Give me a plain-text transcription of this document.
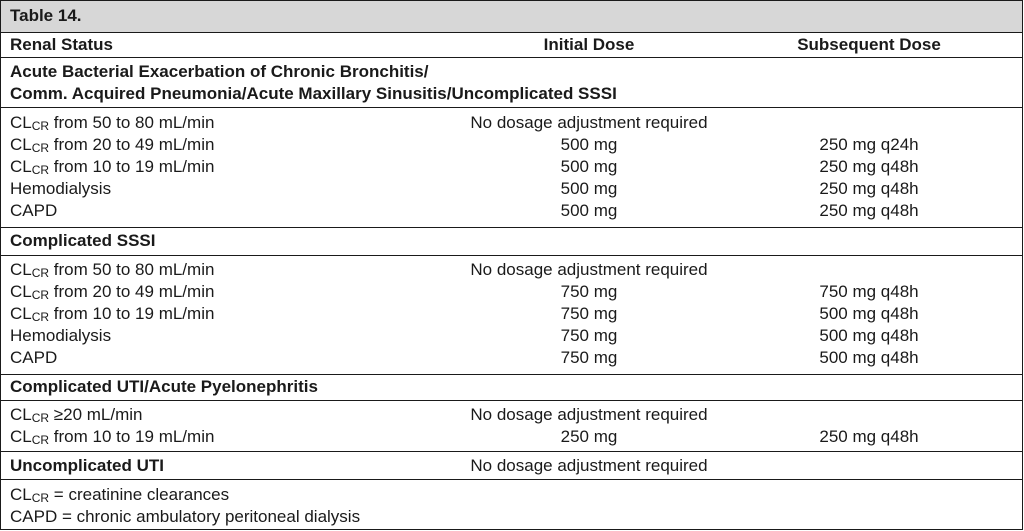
Table 14.
Renal Status	Initial Dose	Subsequent Dose
Acute Bacterial Exacerbation of Chronic Bronchitis/
Comm. Acquired Pneumonia/Acute Maxillary Sinusitis/Uncomplicated SSSI
CLCR from 50 to 80 mL/min	No dosage adjustment required
CLCR from 20 to 49 mL/min	500 mg	250 mg q24h
CLCR from 10 to 19 mL/min	500 mg	250 mg q48h
Hemodialysis	500 mg	250 mg q48h
CAPD	500 mg	250 mg q48h
Complicated SSSI
CLCR from 50 to 80 mL/min	No dosage adjustment required
CLCR from 20 to 49 mL/min	750 mg	750 mg q48h
CLCR from 10 to 19 mL/min	750 mg	500 mg q48h
Hemodialysis	750 mg	500 mg q48h
CAPD	750 mg	500 mg q48h
Complicated UTI/Acute Pyelonephritis
CLCR ≥20 mL/min	No dosage adjustment required
CLCR from 10 to 19 mL/min	250 mg	250 mg q48h
Uncomplicated UTI	No dosage adjustment required
CLCR = creatinine clearances
CAPD = chronic ambulatory peritoneal dialysis
